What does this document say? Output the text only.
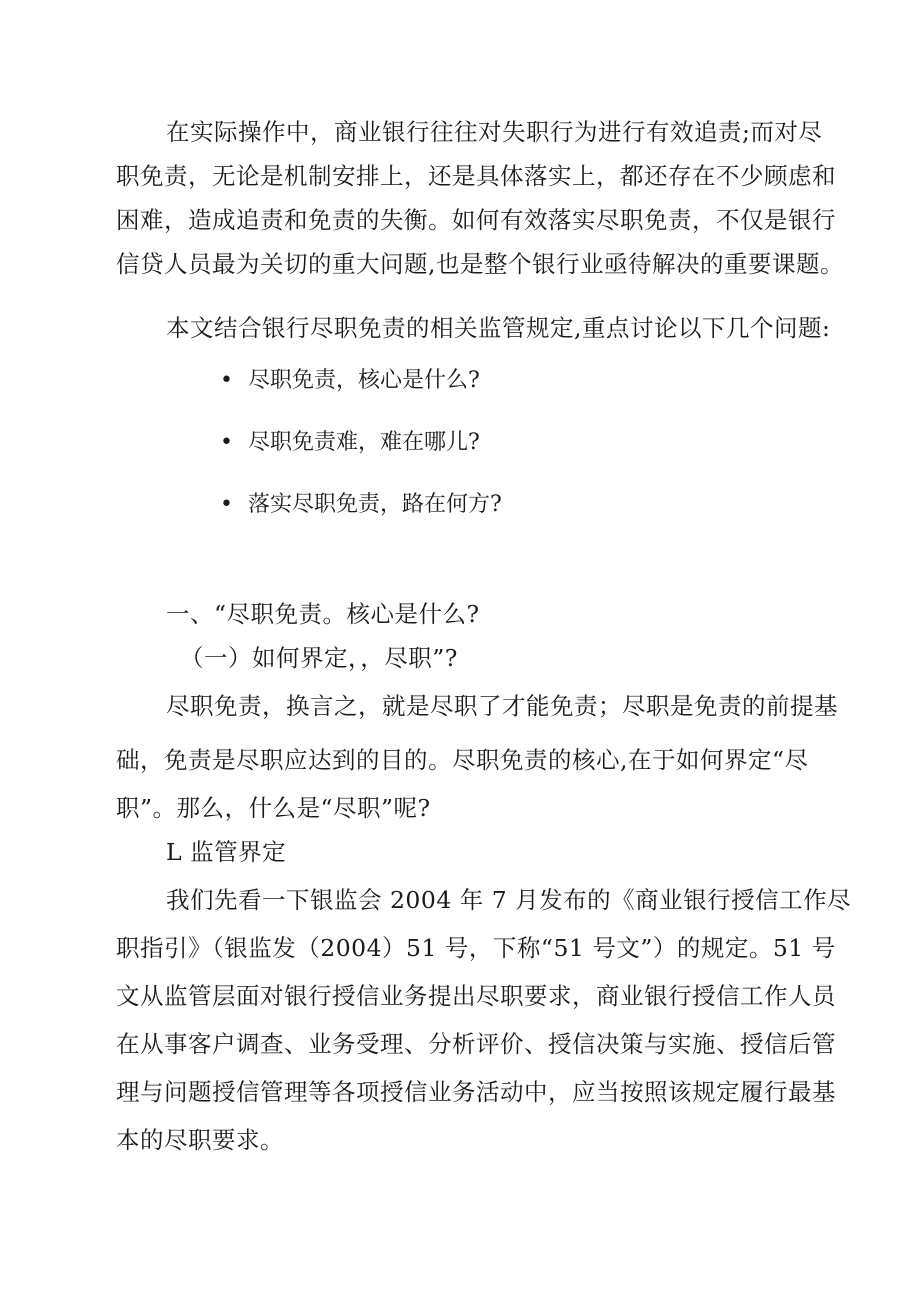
在实际操作中，商业银行往往对失职行为进行有效追责;而对尽
职免责，无论是机制安排上，还是具体落实上，都还存在不少顾虑和
困难，造成追责和免责的失衡。如何有效落实尽职免责，不仅是银行
信贷人员最为关切的重大问题,也是整个银行业亟待解决的重要课题。
本文结合银行尽职免责的相关监管规定,重点讨论以下几个问题:
• 尽职免责，核心是什么?
• 尽职免责难，难在哪儿?
• 落实尽职免责，路在何方?
一、“尽职免责。核心是什么?
（一）如何界定，，尽职”?
尽职免责，换言之，就是尽职了才能免责；尽职是免责的前提基
础，免责是尽职应达到的目的。尽职免责的核心,在于如何界定“尽
职”。那么，什么是“尽职”呢?
L 监管界定
我们先看一下银监会 2004 年 7 月发布的《商业银行授信工作尽
职指引》（银监发（2004）51 号，下称“51 号文”）的规定。51 号
文从监管层面对银行授信业务提出尽职要求，商业银行授信工作人员
在从事客户调查、业务受理、分析评价、授信决策与实施、授信后管
理与问题授信管理等各项授信业务活动中，应当按照该规定履行最基
本的尽职要求。
